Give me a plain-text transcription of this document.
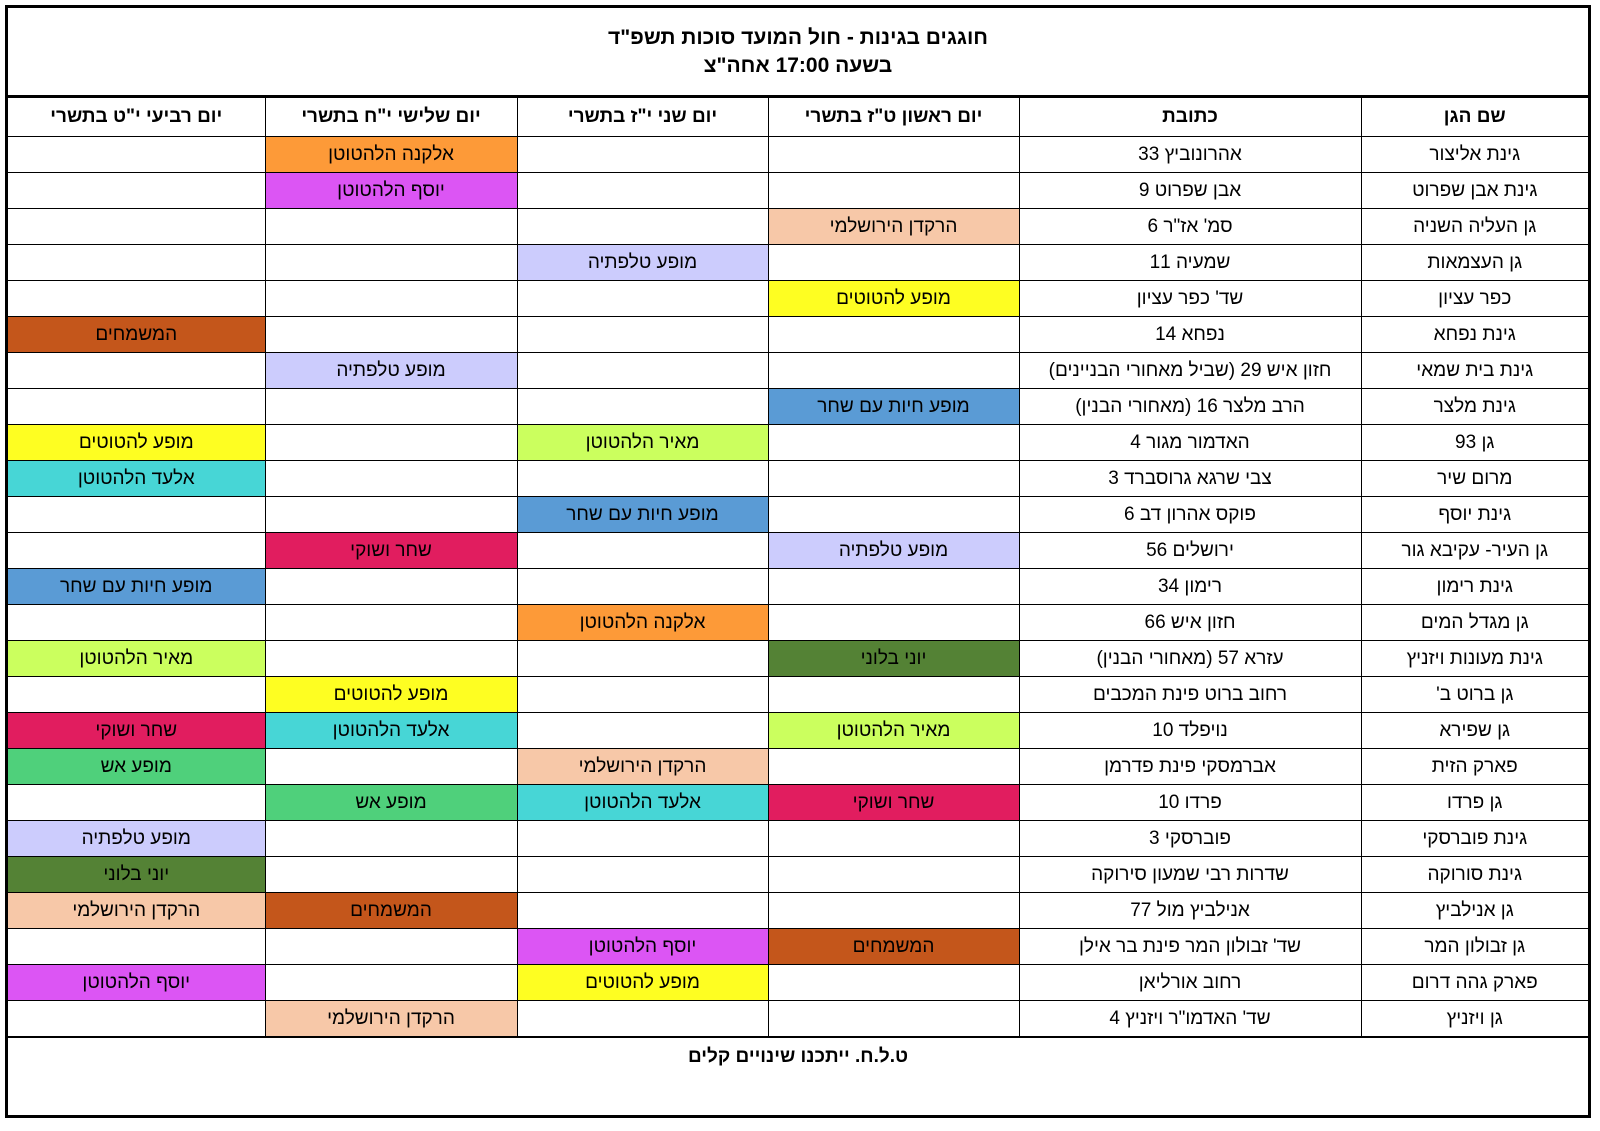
חוגגים בגינות - חול המועד סוכות תשפ"ד
בשעה 17:00 אחה"צ
שם הגן	כתובת	יום ראשון ט"ז בתשרי	יום שני י"ז בתשרי	יום שלישי י"ח בתשרי	יום רביעי י"ט בתשרי
גינת אליצור	אהרונוביץ 33			אלקנה הלהטוטן	
גינת אבן שפרוט	אבן שפרוט 9			יוסף הלהטוטן	
גן העליה השניה	סמ' אז"ר 6	הרקדן הירושלמי			
גן העצמאות	שמעיה 11		מופע טלפתיה		
כפר עציון	שד' כפר עציון	מופע להטוטים			
גינת נפחא	נפחא 14				המשמחים
גינת בית שמאי	חזון איש 29 (שביל מאחורי הבניינים)			מופע טלפתיה	
גינת מלצר	הרב מלצר 16 (מאחורי הבנין)	מופע חיות עם שחר			
גן 93	האדמור מגור 4		מאיר הלהטוטן		מופע להטוטים
מרום שיר	צבי שרגא גרוסברד 3				אלעד הלהטוטן
גינת יוסף	פוקס אהרון דב 6		מופע חיות עם שחר		
גן העיר- עקיבא גור	ירושלים 56	מופע טלפתיה		שחר ושוקי	
גינת רימון	רימון 34				מופע חיות עם שחר
גן מגדל המים	חזון איש 66		אלקנה הלהטוטן		
גינת מעונות ויזניץ	עזרא 57 (מאחורי הבנין)	יוני בלוני			מאיר הלהטוטן
גן ברוט ב'	רחוב ברוט פינת המכבים			מופע להטוטים	
גן שפירא	נויפלד 10	מאיר הלהטוטן		אלעד הלהטוטן	שחר ושוקי
פארק הזית	אברמסקי פינת פדרמן		הרקדן הירושלמי		מופע אש
גן פרדו	פרדו 10	שחר ושוקי	אלעד הלהטוטן	מופע אש	
גינת פוברסקי	פוברסקי 3				מופע טלפתיה
גינת סורוקה	שדרות רבי שמעון סירוקה				יוני בלוני
גן אנילביץ	אנילביץ מול 77			המשמחים	הרקדן הירושלמי
גן זבולון המר	שד' זבולון המר פינת בר אילן	המשמחים	יוסף הלהטוטן		
פארק גהה דרום	רחוב אורליאן		מופע להטוטים		יוסף הלהטוטן
גן ויזניץ	שד' האדמו"ר ויזניץ 4			הרקדן הירושלמי	
ט.ל.ח. ייתכנו שינויים קלים
